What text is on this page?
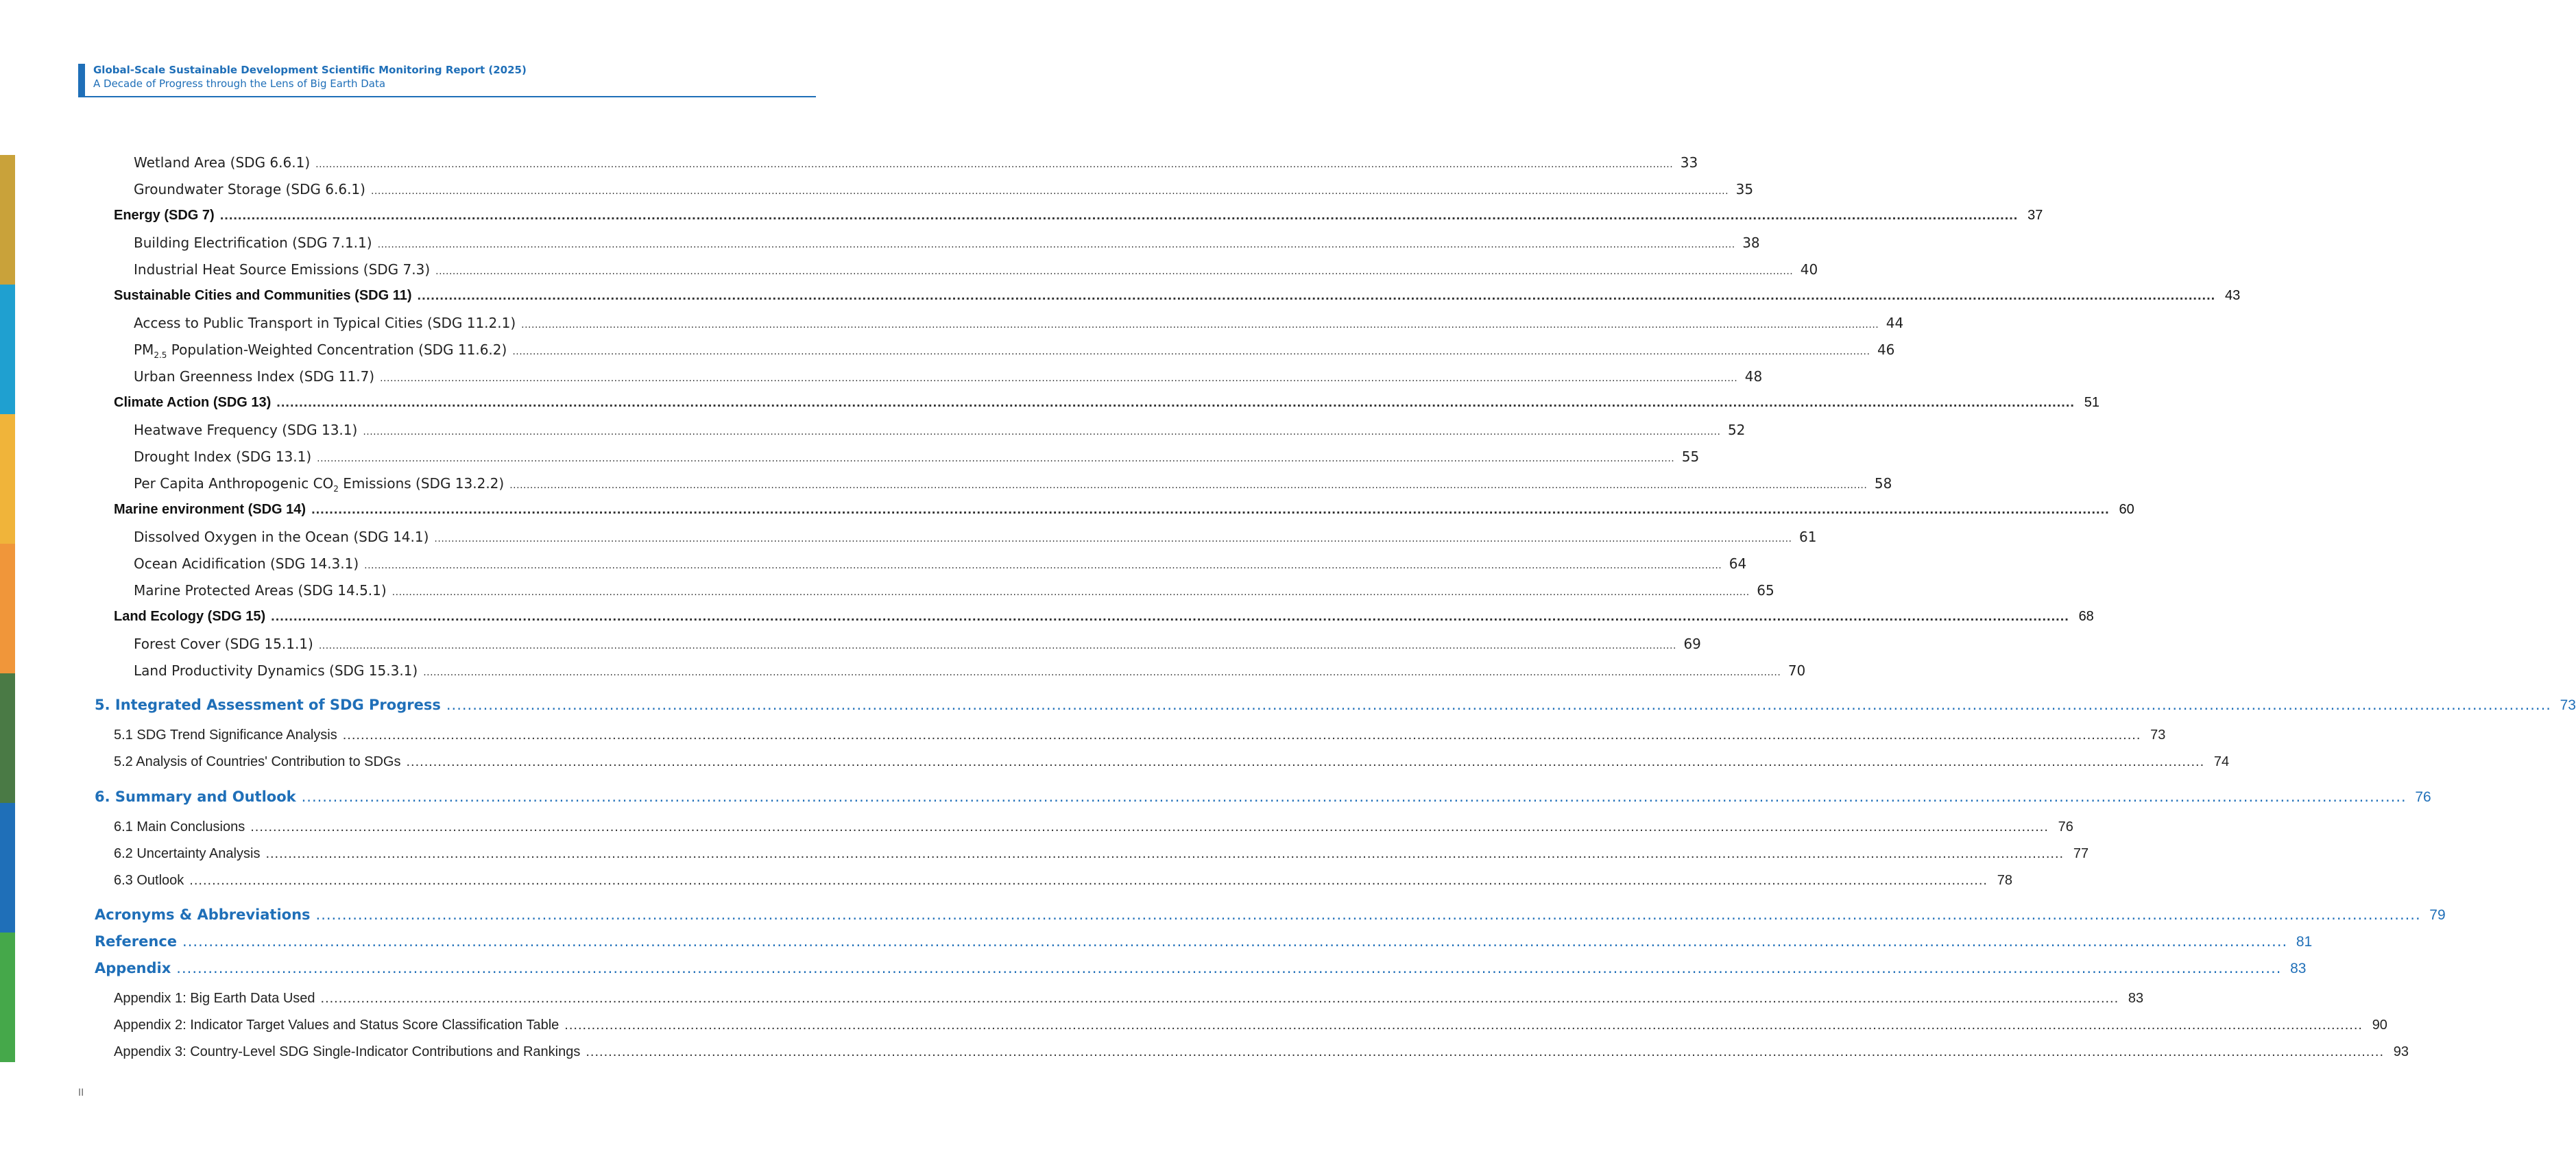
Global-Scale Sustainable Development Scientific Monitoring Report (2025)
A Decade of Progress through the Lens of Big Earth Data
Wetland Area (SDG 6.6.1) ................................................................................................................................................................................................................................................................................................................................................................................................................ 33
Groundwater Storage (SDG 6.6.1) ................................................................................................................................................................................................................................................................................................................................................................................................................ 35
Energy (SDG 7) ................................................................................................................................................................................................................................................................................................................................................................................................................ 37
Building Electrification (SDG 7.1.1) ................................................................................................................................................................................................................................................................................................................................................................................................................ 38
Industrial Heat Source Emissions (SDG 7.3) ................................................................................................................................................................................................................................................................................................................................................................................................................ 40
Sustainable Cities and Communities (SDG 11) ................................................................................................................................................................................................................................................................................................................................................................................................................ 43
Access to Public Transport in Typical Cities (SDG 11.2.1) ................................................................................................................................................................................................................................................................................................................................................................................................................ 44
$PM_{2.5}$ Population-Weighted Concentration (SDG 11.6.2) ................................................................................................................................................................................................................................................................................................................................................................................................................ 46
Urban Greenness Index (SDG 11.7) ................................................................................................................................................................................................................................................................................................................................................................................................................ 48
Climate Action (SDG 13) ................................................................................................................................................................................................................................................................................................................................................................................................................ 51
Heatwave Frequency (SDG 13.1) ................................................................................................................................................................................................................................................................................................................................................................................................................ 52
Drought Index (SDG 13.1) ................................................................................................................................................................................................................................................................................................................................................................................................................ 55
Per Capita Anthropogenic $CO_2$ Emissions (SDG 13.2.2) ................................................................................................................................................................................................................................................................................................................................................................................................................ 58
Marine environment (SDG 14) ................................................................................................................................................................................................................................................................................................................................................................................................................ 60
Dissolved Oxygen in the Ocean (SDG 14.1) ................................................................................................................................................................................................................................................................................................................................................................................................................ 61
Ocean Acidification (SDG 14.3.1) ................................................................................................................................................................................................................................................................................................................................................................................................................ 64
Marine Protected Areas (SDG 14.5.1) ................................................................................................................................................................................................................................................................................................................................................................................................................ 65
Land Ecology (SDG 15) ................................................................................................................................................................................................................................................................................................................................................................................................................ 68
Forest Cover (SDG 15.1.1) ................................................................................................................................................................................................................................................................................................................................................................................................................ 69
Land Productivity Dynamics (SDG 15.3.1) ................................................................................................................................................................................................................................................................................................................................................................................................................ 70
5. Integrated Assessment of SDG Progress ................................................................................................................................................................................................................................................................................................................................................................................................................ 73
5.1 SDG Trend Significance Analysis ................................................................................................................................................................................................................................................................................................................................................................................................................ 73
5.2 Analysis of Countries' Contribution to SDGs ................................................................................................................................................................................................................................................................................................................................................................................................................ 74
6. Summary and Outlook ................................................................................................................................................................................................................................................................................................................................................................................................................ 76
6.1 Main Conclusions ................................................................................................................................................................................................................................................................................................................................................................................................................ 76
6.2 Uncertainty Analysis ................................................................................................................................................................................................................................................................................................................................................................................................................ 77
6.3 Outlook ................................................................................................................................................................................................................................................................................................................................................................................................................ 78
Acronyms & Abbreviations ................................................................................................................................................................................................................................................................................................................................................................................................................ 79
Reference ................................................................................................................................................................................................................................................................................................................................................................................................................ 81
Appendix ................................................................................................................................................................................................................................................................................................................................................................................................................ 83
Appendix 1: Big Earth Data Used ................................................................................................................................................................................................................................................................................................................................................................................................................ 83
Appendix 2: Indicator Target Values and Status Score Classification Table ................................................................................................................................................................................................................................................................................................................................................................................................................ 90
Appendix 3: Country-Level SDG Single-Indicator Contributions and Rankings ................................................................................................................................................................................................................................................................................................................................................................................................................ 93
II
